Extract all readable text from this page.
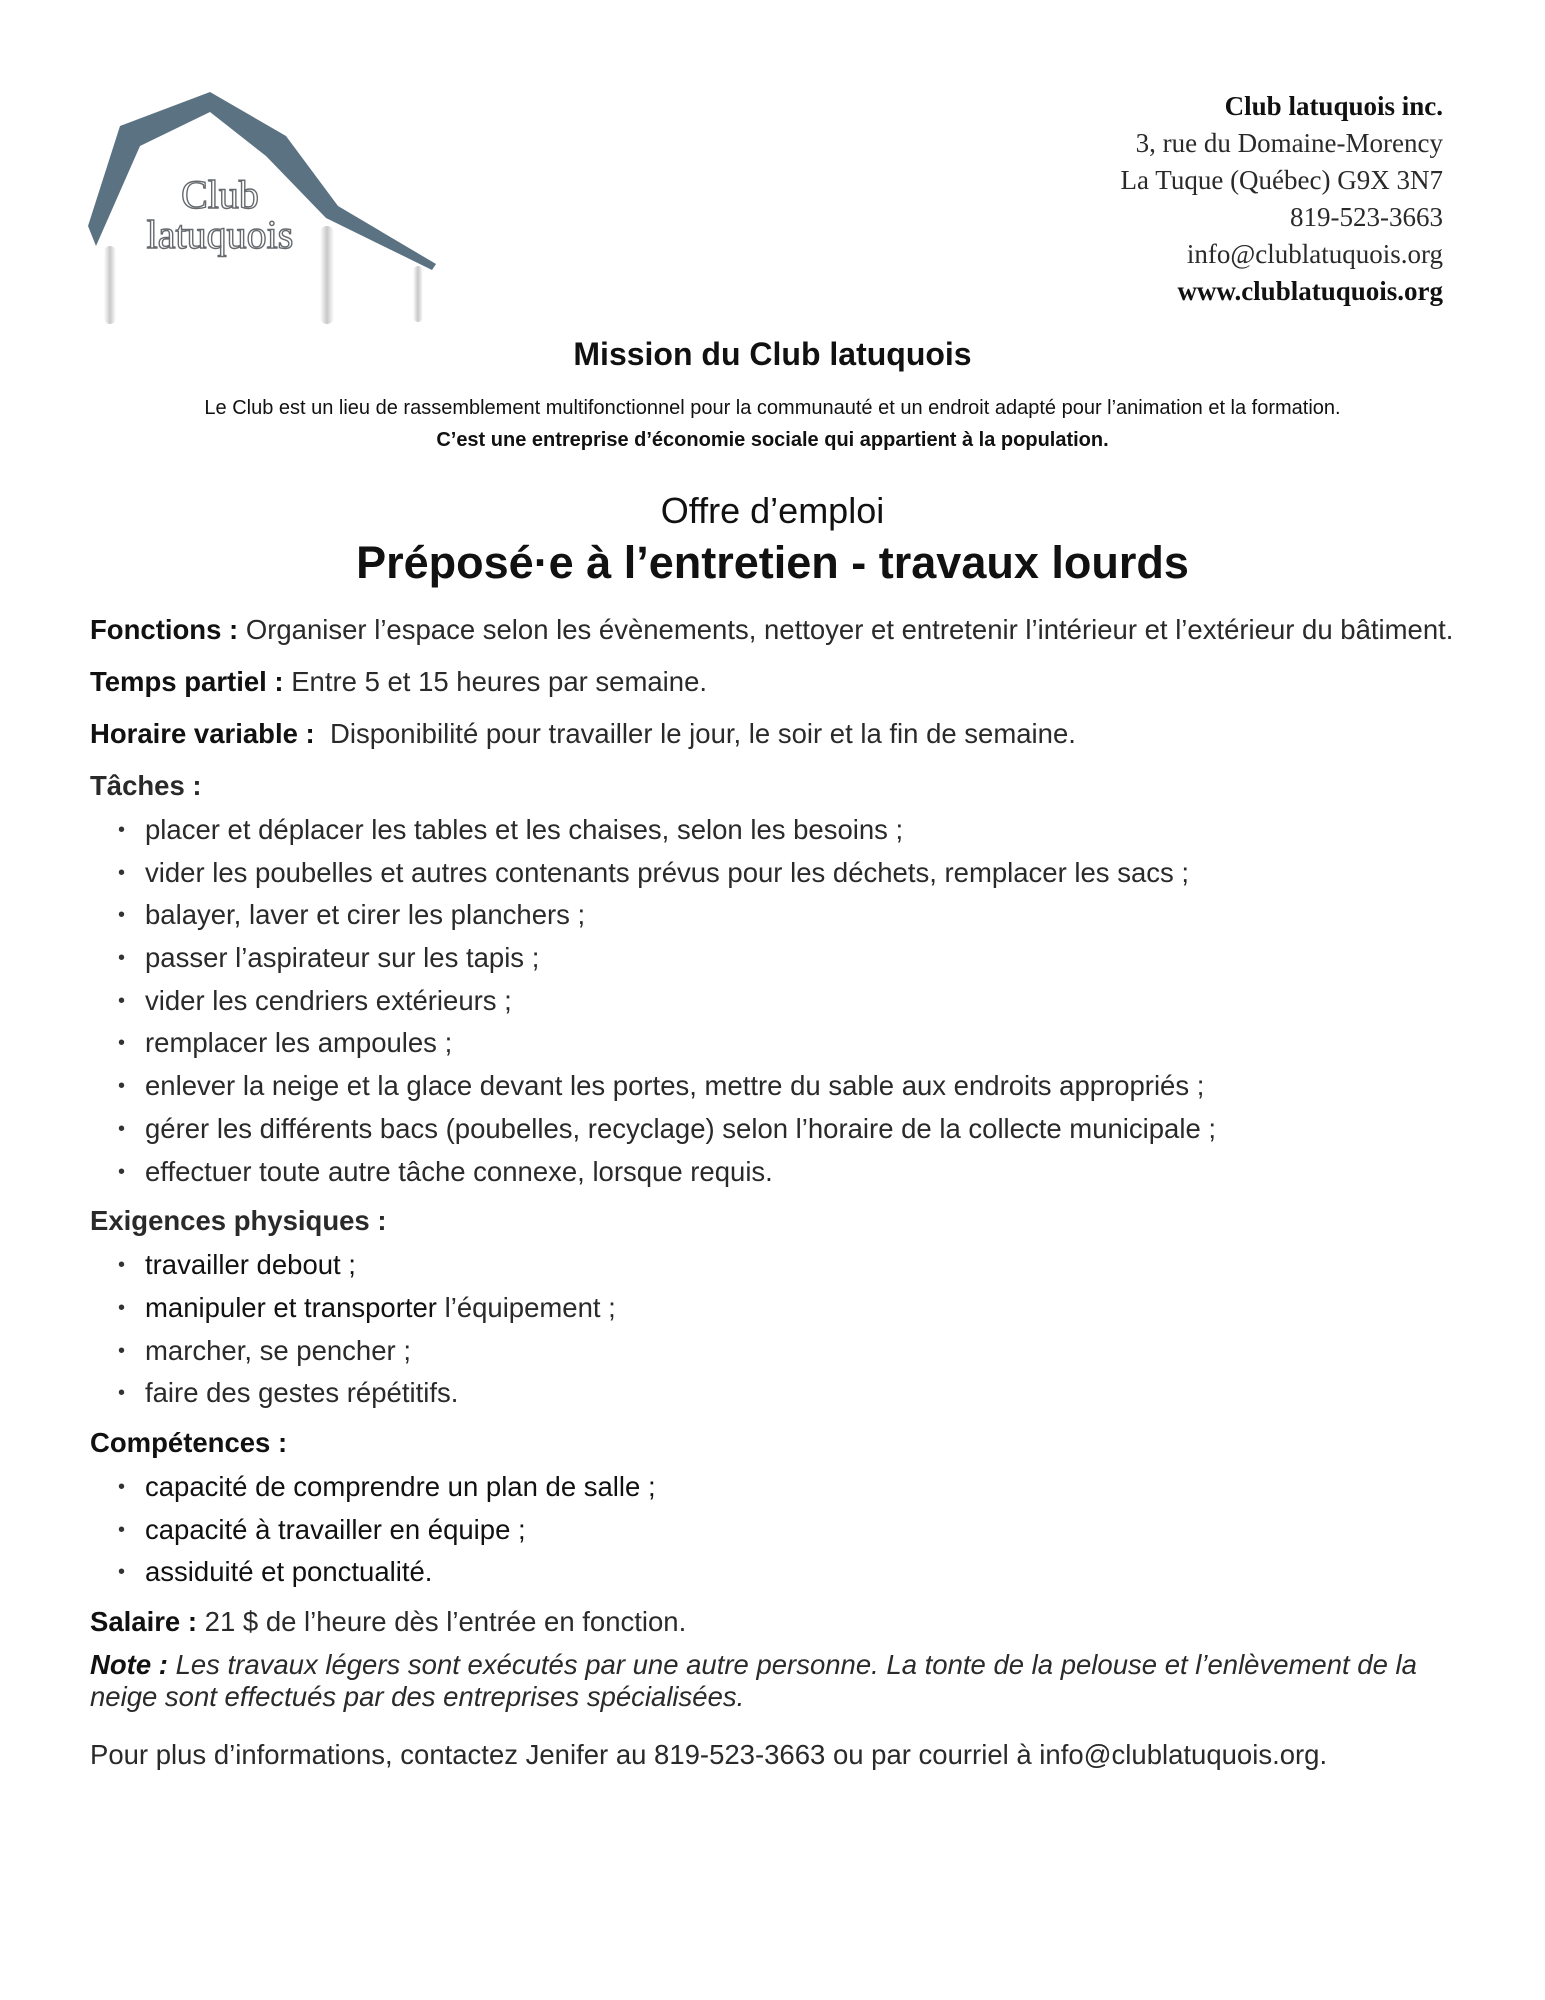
Club
latuquois
Club latuquois inc.
3, rue du Domaine-Morency
La Tuque (Québec) G9X 3N7
819-523-3663
info@clublatuquois.org
www.clublatuquois.org
Mission du Club latuquois
Le Club est un lieu de rassemblement multifonctionnel pour la communauté et un endroit adapté pour l’animation et la formation.
C’est une entreprise d’économie sociale qui appartient à la population.
Offre d’emploi
Préposé·e à l’entretien - travaux lourds

Fonctions : Organiser l’espace selon les évènements, nettoyer et entretenir l’intérieur et l’extérieur du bâtiment.

Temps partiel : Entre 5 et 15 heures par semaine.

Horaire variable : Disponibilité pour travailler le jour, le soir et la fin de semaine.

Tâches :

• placer et déplacer les tables et les chaises, selon les besoins ;
• vider les poubelles et autres contenants prévus pour les déchets, remplacer les sacs ;
• balayer, laver et cirer les planchers ;
• passer l’aspirateur sur les tapis ;
• vider les cendriers extérieurs ;
• remplacer les ampoules ;
• enlever la neige et la glace devant les portes, mettre du sable aux endroits appropriés ;
• gérer les différents bacs (poubelles, recyclage) selon l’horaire de la collecte municipale ;
• effectuer toute autre tâche connexe, lorsque requis.

Exigences physiques :

• travailler debout ;
• manipuler et transporter l’équipement ;
• marcher, se pencher ;
• faire des gestes répétitifs.

Compétences :

• capacité de comprendre un plan de salle ;
• capacité à travailler en équipe ;
• assiduité et ponctualité.

Salaire : 21 $ de l’heure dès l’entrée en fonction.

Note : Les travaux légers sont exécutés par une autre personne. La tonte de la pelouse et l’enlèvement de la neige sont effectués par des entreprises spécialisées.

Pour plus d’informations, contactez Jenifer au 819-523-3663 ou par courriel à info@clublatuquois.org.
